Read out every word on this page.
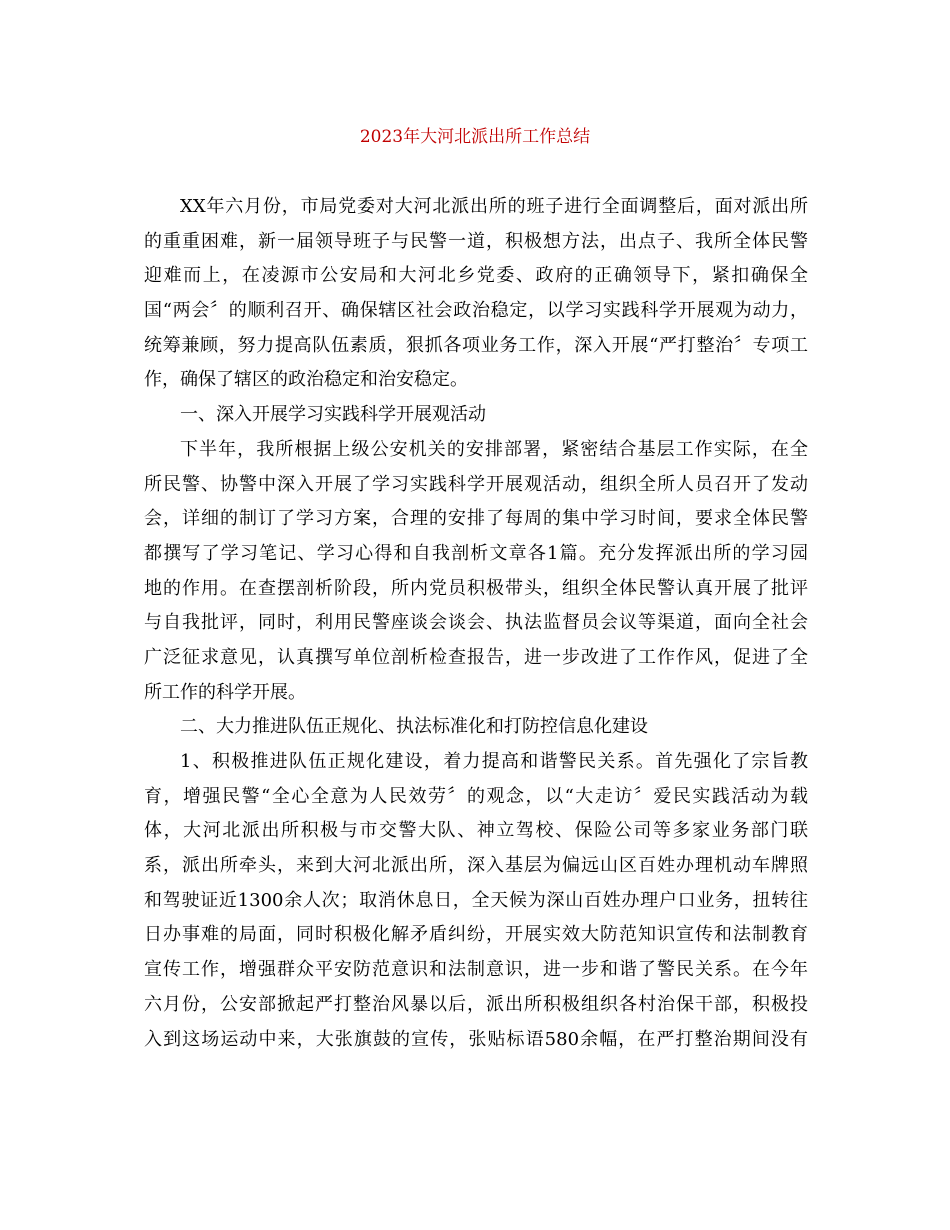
2023年大河北派出所工作总结
XX年六月份，市局党委对大河北派出所的班子进行全面调整后，面对派出所
的重重困难，新一届领导班子与民警一道，积极想方法，出点子、我所全体民警
迎难而上，在凌源市公安局和大河北乡党委、政府的正确领导下，紧扣确保全
国“两会〞的顺利召开、确保辖区社会政治稳定，以学习实践科学开展观为动力，
统筹兼顾，努力提高队伍素质，狠抓各项业务工作，深入开展“严打整治〞专项工
作，确保了辖区的政治稳定和治安稳定。
一、深入开展学习实践科学开展观活动
下半年，我所根据上级公安机关的安排部署，紧密结合基层工作实际，在全
所民警、协警中深入开展了学习实践科学开展观活动，组织全所人员召开了发动
会，详细的制订了学习方案，合理的安排了每周的集中学习时间，要求全体民警
都撰写了学习笔记、学习心得和自我剖析文章各1篇。充分发挥派出所的学习园
地的作用。在查摆剖析阶段，所内党员积极带头，组织全体民警认真开展了批评
与自我批评，同时，利用民警座谈会谈会、执法监督员会议等渠道，面向全社会
广泛征求意见，认真撰写单位剖析检查报告，进一步改进了工作作风，促进了全
所工作的科学开展。
二、大力推进队伍正规化、执法标准化和打防控信息化建设
1、积极推进队伍正规化建设，着力提高和谐警民关系。首先强化了宗旨教
育，增强民警“全心全意为人民效劳〞的观念，以“大走访〞爱民实践活动为载
体，大河北派出所积极与市交警大队、神立驾校、保险公司等多家业务部门联
系，派出所牵头，来到大河北派出所，深入基层为偏远山区百姓办理机动车牌照
和驾驶证近1300余人次；取消休息日，全天候为深山百姓办理户口业务，扭转往
日办事难的局面，同时积极化解矛盾纠纷，开展实效大防范知识宣传和法制教育
宣传工作，增强群众平安防范意识和法制意识，进一步和谐了警民关系。在今年
六月份，公安部掀起严打整治风暴以后，派出所积极组织各村治保干部，积极投
入到这场运动中来，大张旗鼓的宣传，张贴标语580余幅，在严打整治期间没有
